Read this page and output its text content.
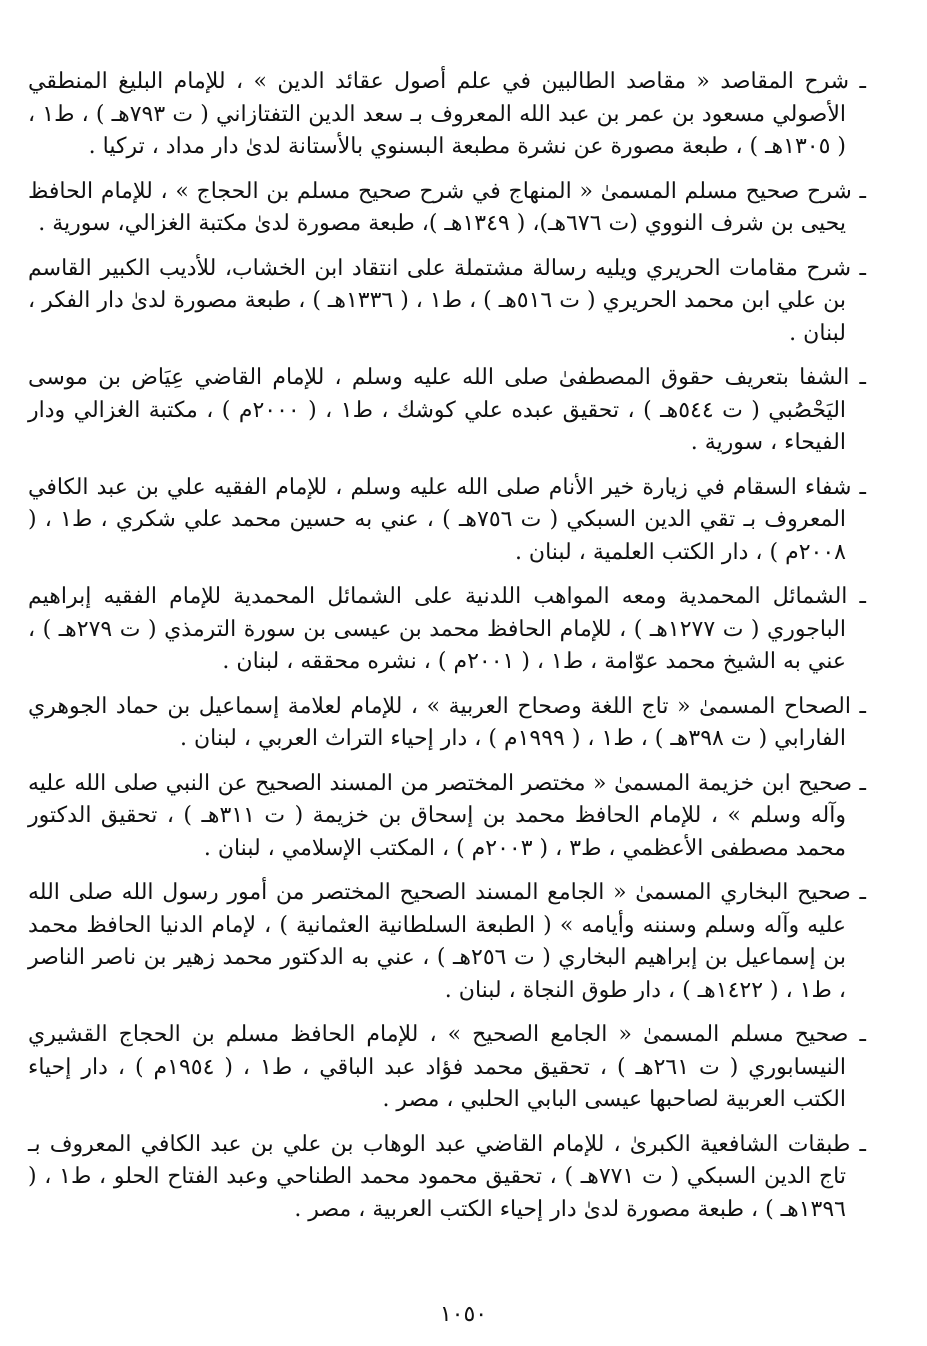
ـ شرح المقاصد « مقاصد الطالبين في علم أصول عقائد الدين » ، للإمام البليغ المنطقي الأصولي مسعود بن عمر بن عبد الله المعروف بـ سعد الدين التفتازاني ( ت ٧٩٣هـ ) ، ط١ ، ( ١٣٠٥هـ ) ، طبعة مصورة عن نشرة مطبعة البسنوي بالأستانة لدىٰ دار مداد ، تركيا .

ـ شرح صحيح مسلم المسمىٰ « المنهاج في شرح صحيح مسلم بن الحجاج » ، للإمام الحافظ يحيى بن شرف النووي (ت ٦٧٦هـ)، ( ١٣٤٩هـ )، طبعة مصورة لدىٰ مكتبة الغزالي، سورية .

ـ شرح مقامات الحريري ويليه رسالة مشتملة على انتقاد ابن الخشاب، للأديب الكبير القاسم بن علي ابن محمد الحريري ( ت ٥١٦هـ ) ، ط١ ، ( ١٣٣٦هـ ) ، طبعة مصورة لدىٰ دار الفكر ، لبنان .

ـ الشفا بتعريف حقوق المصطفىٰ صلى الله عليه وسلم ، للإمام القاضي عِيَاض بن موسى اليَحْصُبي ( ت ٥٤٤هـ ) ، تحقيق عبده علي كوشك ، ط١ ، ( ٢٠٠٠م ) ، مكتبة الغزالي ودار الفيحاء ، سورية .

ـ شفاء السقام في زيارة خير الأنام صلى الله عليه وسلم ، للإمام الفقيه علي بن عبد الكافي المعروف بـ تقي الدين السبكي ( ت ٧٥٦هـ ) ، عني به حسين محمد علي شكري ، ط١ ، ( ٢٠٠٨م ) ، دار الكتب العلمية ، لبنان .

ـ الشمائل المحمدية ومعه المواهب اللدنية على الشمائل المحمدية للإمام الفقيه إبراهيم الباجوري ( ت ١٢٧٧هـ ) ، للإمام الحافظ محمد بن عيسى بن سورة الترمذي ( ت ٢٧٩هـ ) ، عني به الشيخ محمد عوّامة ، ط١ ، ( ٢٠٠١م ) ، نشره محققه ، لبنان .

ـ الصحاح المسمىٰ « تاج اللغة وصحاح العربية » ، للإمام لعلامة إسماعيل بن حماد الجوهري الفارابي ( ت ٣٩٨هـ ) ، ط١ ، ( ١٩٩٩م ) ، دار إحياء التراث العربي ، لبنان .

ـ صحيح ابن خزيمة المسمىٰ « مختصر المختصر من المسند الصحيح عن النبي صلى الله عليه وآله وسلم » ، للإمام الحافظ محمد بن إسحاق بن خزيمة ( ت ٣١١هـ ) ، تحقيق الدكتور محمد مصطفى الأعظمي ، ط٣ ، ( ٢٠٠٣م ) ، المكتب الإسلامي ، لبنان .

ـ صحيح البخاري المسمىٰ « الجامع المسند الصحيح المختصر من أمور رسول الله صلى الله عليه وآله وسلم وسننه وأيامه » ( الطبعة السلطانية العثمانية ) ، لإمام الدنيا الحافظ محمد بن إسماعيل بن إبراهيم البخاري ( ت ٢٥٦هـ ) ، عني به الدكتور محمد زهير بن ناصر الناصر ، ط١ ، ( ١٤٢٢هـ ) ، دار طوق النجاة ، لبنان .

ـ صحيح مسلم المسمىٰ « الجامع الصحيح » ، للإمام الحافظ مسلم بن الحجاج القشيري النيسابوري ( ت ٢٦١هـ ) ، تحقيق محمد فؤاد عبد الباقي ، ط١ ، ( ١٩٥٤م ) ، دار إحياء الكتب العربية لصاحبها عيسى البابي الحلبي ، مصر .

ـ طبقات الشافعية الكبرىٰ ، للإمام القاضي عبد الوهاب بن علي بن عبد الكافي المعروف بـ تاج الدين السبكي ( ت ٧٧١هـ ) ، تحقيق محمود محمد الطناحي وعبد الفتاح الحلو ، ط١ ، ( ١٣٩٦هـ ) ، طبعة مصورة لدىٰ دار إحياء الكتب العربية ، مصر .

١٠٥٠
